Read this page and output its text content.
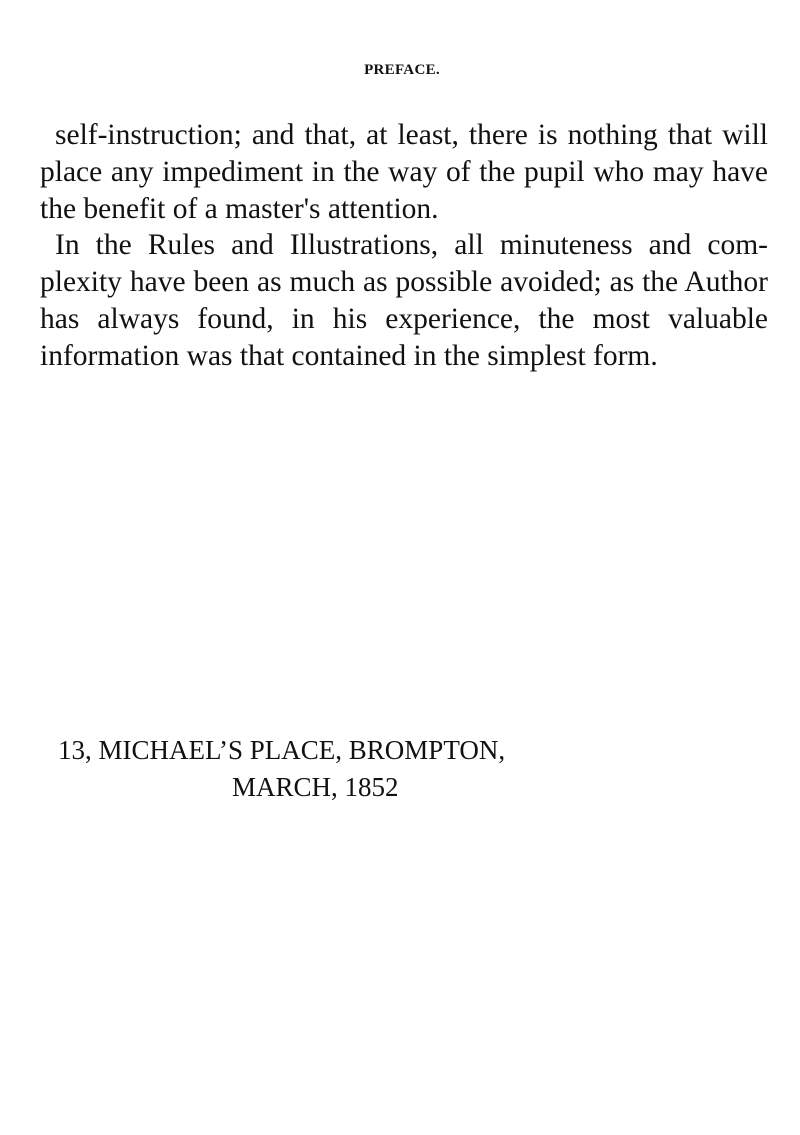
PREFACE.

self-instruction; and that, at least, there is nothing that will place any impediment in the way of the pupil who may have the benefit of a master's attention.

In the Rules and Illustrations, all minuteness and complexity have been as much as possible avoided; as the Author has always found, in his experience, the most valuable information was that contained in the simplest form.

13, MICHAEL’S PLACE, BROMPTON,
MARCH, 1852
